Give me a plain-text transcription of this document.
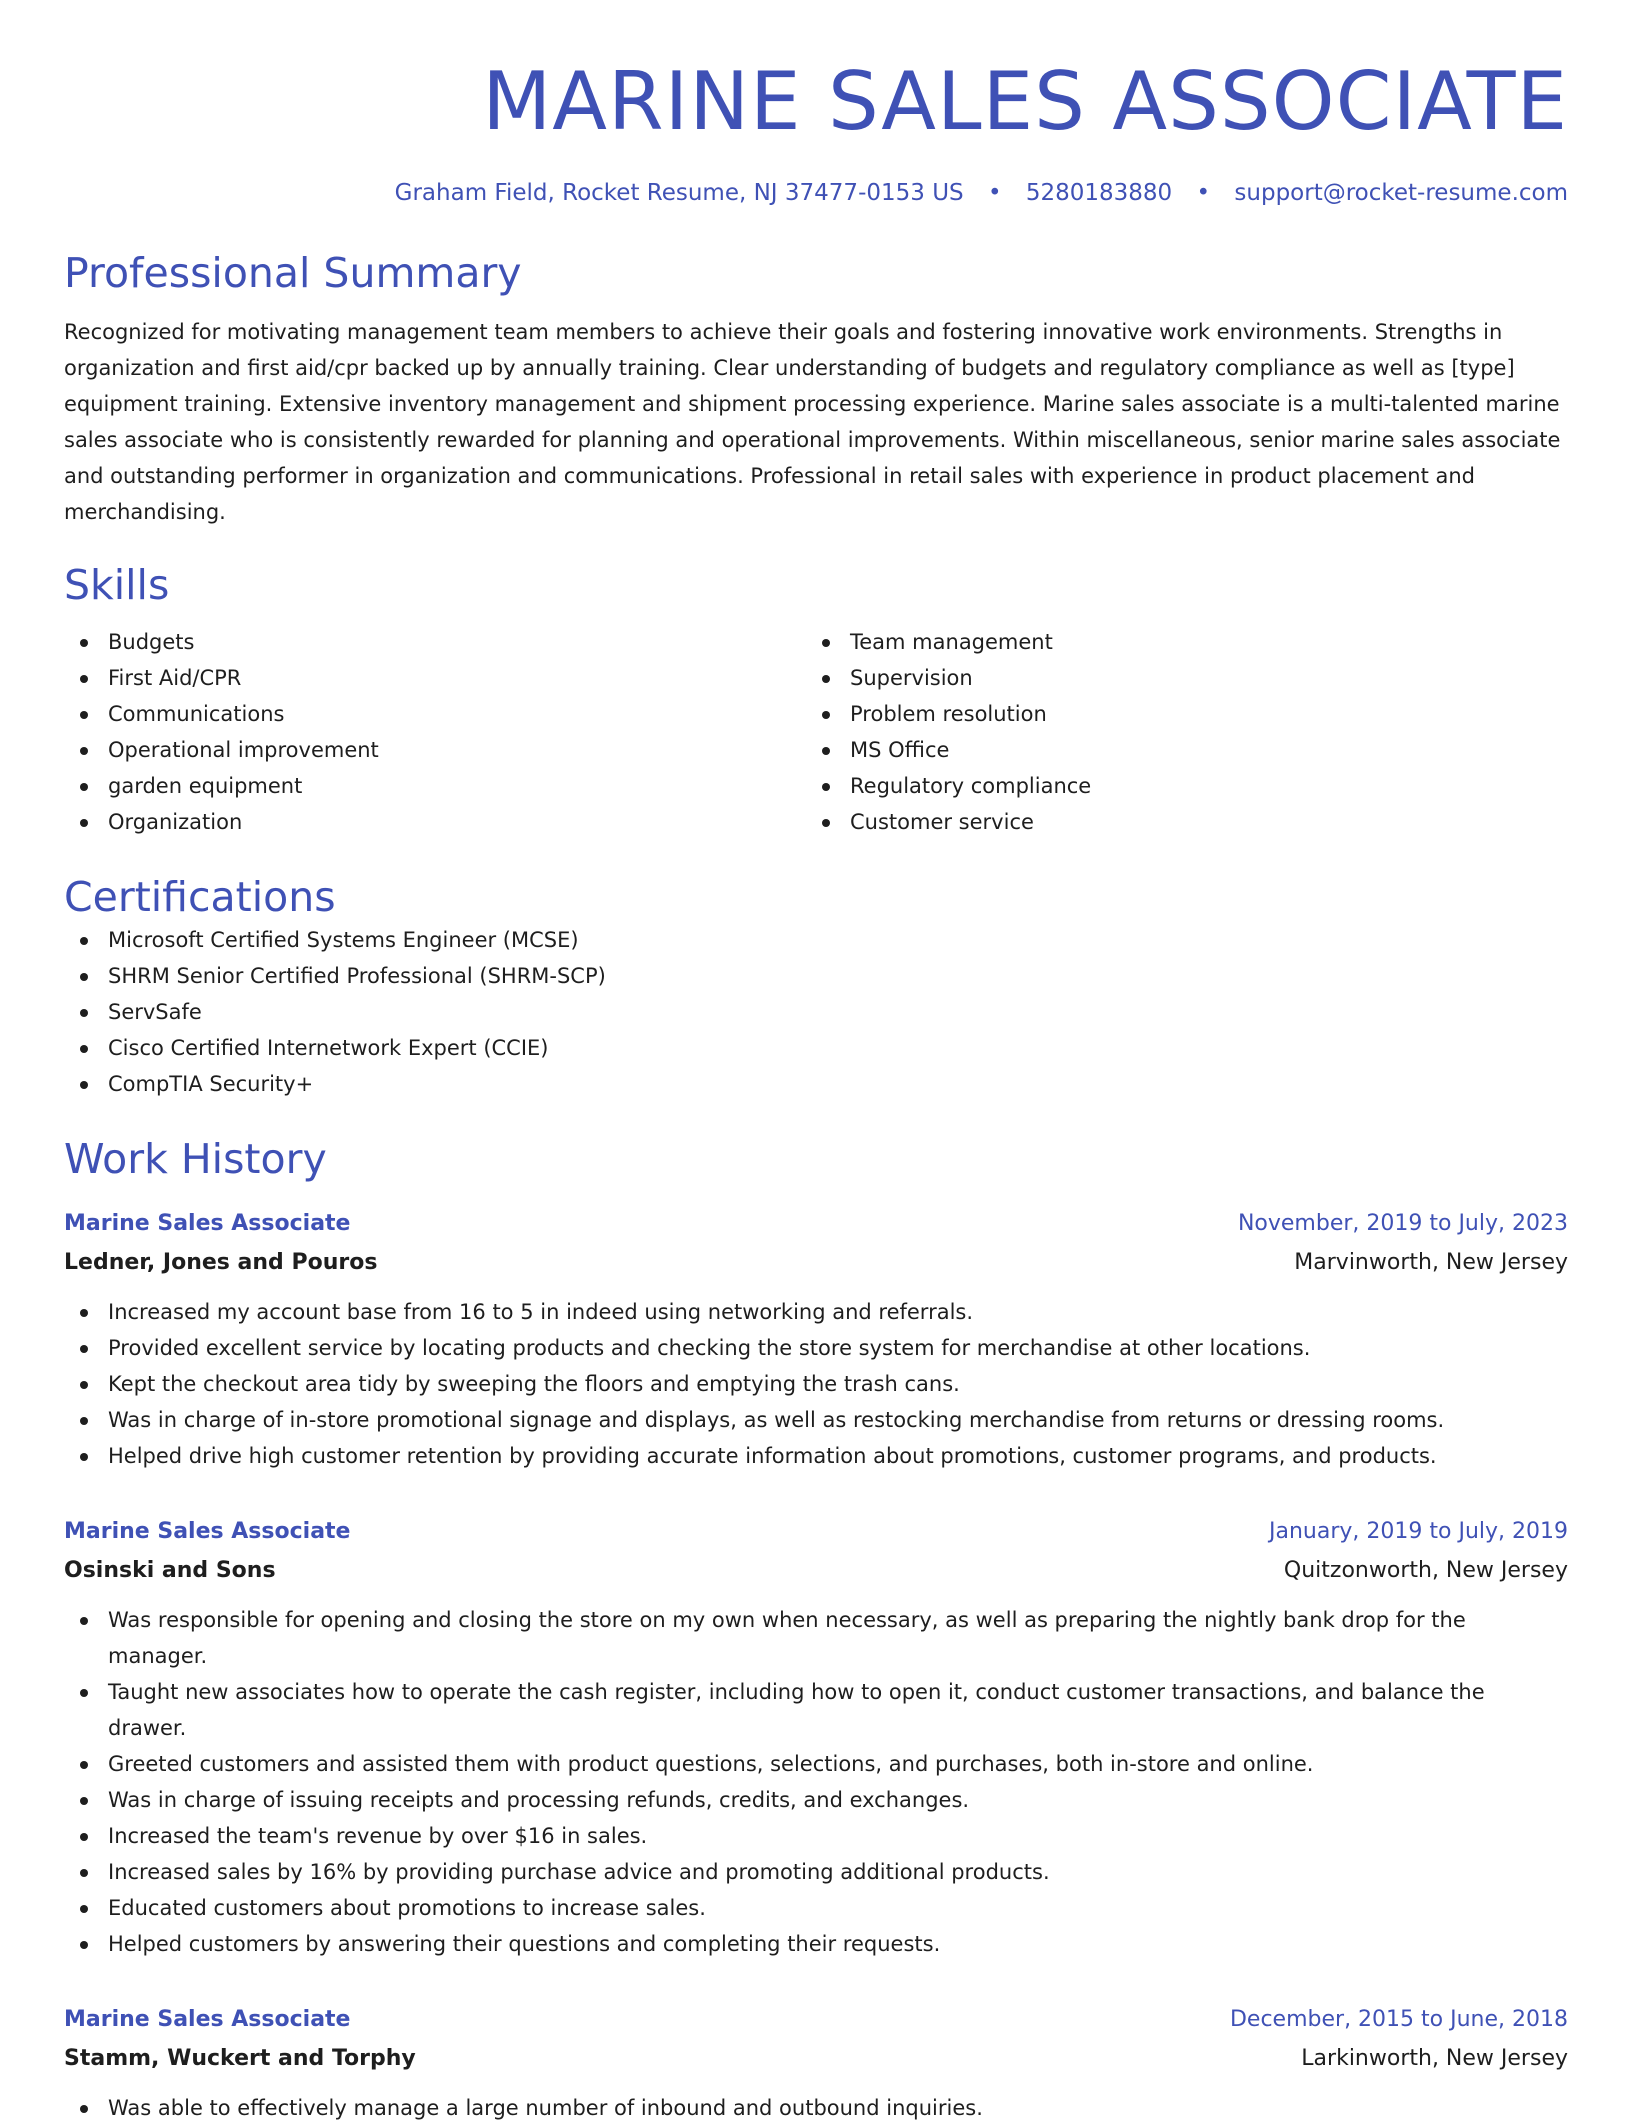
MARINE SALES ASSOCIATE
Graham Field, Rocket Resume, NJ 37477-0153 US • 5280183880 • support@rocket-resume.com
Professional Summary
Recognized for motivating management team members to achieve their goals and fostering innovative work environments. Strengths in organization and first aid/cpr backed up by annually training. Clear understanding of budgets and regulatory compliance as well as [type] equipment training. Extensive inventory management and shipment processing experience. Marine sales associate is a multi-talented marine sales associate who is consistently rewarded for planning and operational improvements. Within miscellaneous, senior marine sales associate and outstanding performer in organization and communications. Professional in retail sales with experience in product placement and merchandising.
Skills
Budgets
First Aid/CPR
Communications
Operational improvement
garden equipment
Organization
Team management
Supervision
Problem resolution
MS Office
Regulatory compliance
Customer service
Certifications
Microsoft Certified Systems Engineer (MCSE)
SHRM Senior Certified Professional (SHRM-SCP)
ServSafe
Cisco Certified Internetwork Expert (CCIE)
CompTIA Security+
Work History
Marine Sales Associate	November, 2019 to July, 2023
Ledner, Jones and Pouros	Marvinworth, New Jersey
Increased my account base from 16 to 5 in indeed using networking and referrals.
Provided excellent service by locating products and checking the store system for merchandise at other locations.
Kept the checkout area tidy by sweeping the floors and emptying the trash cans.
Was in charge of in-store promotional signage and displays, as well as restocking merchandise from returns or dressing rooms.
Helped drive high customer retention by providing accurate information about promotions, customer programs, and products.
Marine Sales Associate	January, 2019 to July, 2019
Osinski and Sons	Quitzonworth, New Jersey
Was responsible for opening and closing the store on my own when necessary, as well as preparing the nightly bank drop for the manager.
Taught new associates how to operate the cash register, including how to open it, conduct customer transactions, and balance the drawer.
Greeted customers and assisted them with product questions, selections, and purchases, both in-store and online.
Was in charge of issuing receipts and processing refunds, credits, and exchanges.
Increased the team's revenue by over $16 in sales.
Increased sales by 16% by providing purchase advice and promoting additional products.
Educated customers about promotions to increase sales.
Helped customers by answering their questions and completing their requests.
Marine Sales Associate	December, 2015 to June, 2018
Stamm, Wuckert and Torphy	Larkinworth, New Jersey
Was able to effectively manage a large number of inbound and outbound inquiries.
